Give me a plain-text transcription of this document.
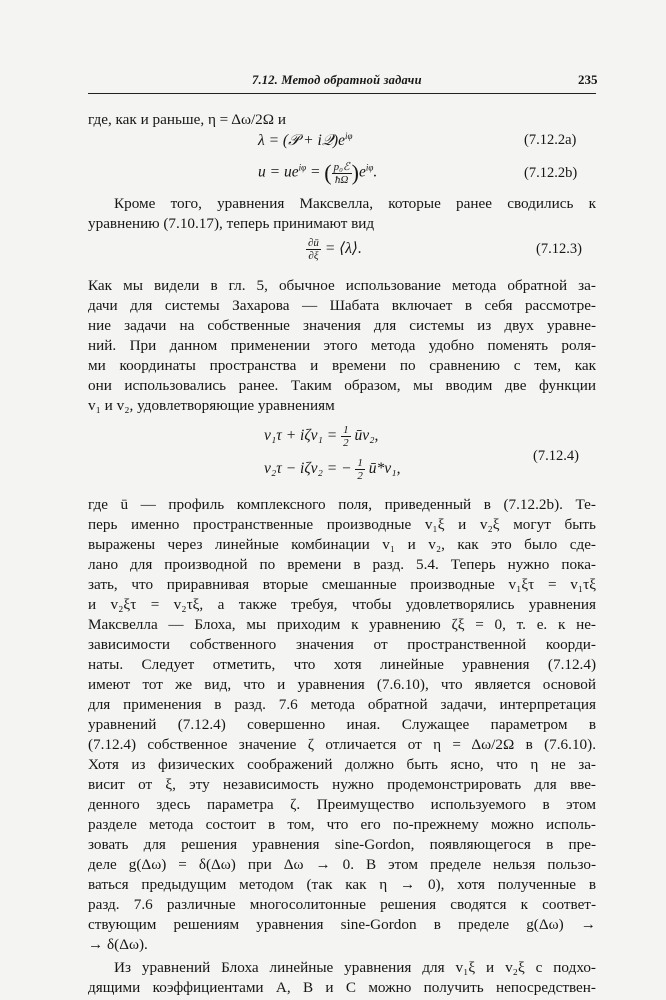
7.12. Метод обратной задачи	235
где, как и раньше, η = Δω/2Ω и
λ = (𝒫 + $i𝒬)e^{i\varphi}$	(7.12.2a)
$u = ue^{i\varphi}$ = ( $\frac{\text{p₀ℰ}}{ħ\Omega} )e^{i\varphi}$.	(7.12.2b)
Кроме того, уравнения Максвелла, которые ранее сводились к
уравнению (7.10.17), теперь принимают вид
$\frac{\partial ū}{\partial\xi}$ = ⟨λ⟩.	(7.12.3)
Как мы видели в гл. 5, обычное использование метода обратной за-
дачи для системы Захарова — Шабата включает в себя рассмотре-
ние задачи на собственные значения для системы из двух уравне-
ний. При данном применении этого метода удобно поменять роля-
ми координаты пространства и времени по сравнению с тем, как
они использовались ранее. Таким образом, мы вводим две функции
v₁ и v₂, удовлетворяющие уравнениям
$v_1\tau + i\zeta v_1 = \frac{1}{2}$ ūv₂,
v₂τ − iζv₂ = − $\frac{1}{2}$ ū*v₁,
(7.12.4)
где ū — профиль комплексного поля, приведенный в (7.12.2b). Те-
перь именно пространственные производные v₁ξ и v₂ξ могут быть
выражены через линейные комбинации v₁ и v₂, как это было сде-
лано для производной по времени в разд. 5.4. Теперь нужно пока-
зать, что приравнивая вторые смешанные производные v₁ξτ = v₁τξ
и v₂ξτ = v₂τξ, а также требуя, чтобы удовлетворялись уравнения
Максвелла — Блоха, мы приходим к уравнению ζξ = 0, т. е. к не-
зависимости собственного значения от пространственной коорди-
наты. Следует отметить, что хотя линейные уравнения (7.12.4)
имеют тот же вид, что и уравнения (7.6.10), что является основой
для применения в разд. 7.6 метода обратной задачи, интерпретация
уравнений (7.12.4) совершенно иная. Служащее параметром в
(7.12.4) собственное значение ζ отличается от η = Δω/2Ω в (7.6.10).
Хотя из физических соображений должно быть ясно, что η не за-
висит от ξ, эту независимость нужно продемонстрировать для вве-
денного здесь параметра ζ. Преимущество используемого в этом
разделе метода состоит в том, что его по-прежнему можно исполь-
зовать для решения уравнения sine-Gordon, появляющегося в пре-
деле g(Δω) = δ(Δω) при Δω → 0. В этом пределе нельзя пользо-
ваться предыдущим методом (так как η → 0), хотя полученные в
разд. 7.6 различные многосолитонные решения сводятся к соответ-
ствующим решениям уравнения sine-Gordon в пределе g(Δω) →
→ δ(Δω).
Из уравнений Блоха линейные уравнения для v₁ξ и v₂ξ с подхо-
дящими коэффициентами A, B и C можно получить непосредствен-
